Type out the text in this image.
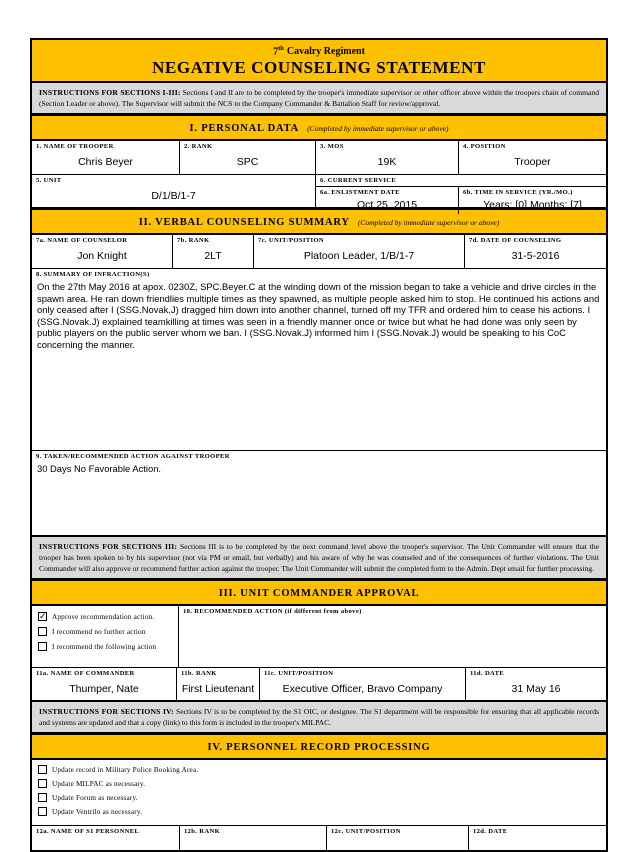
7th Cavalry Regiment
NEGATIVE COUNSELING STATEMENT
INSTRUCTIONS FOR SECTIONS I-III: Sections I and II are to be completed by the trooper's immediate supervisor or other officer above within the troopers chain of command (Section Leader or above). The Supervisor will submit the NCS to the Company Commander & Battalion Staff for review/approval.
I. PERSONAL DATA (Completed by immediate supervisor or above)
1. NAME OF TROOPER
Chris Beyer
2. RANK
SPC
3. MOS
19K
4. POSITION
Trooper
5. UNIT
D/1/B/1-7
6. CURRENT SERVICE
6a. ENLISTMENT DATE
Oct 25, 2015
6b. TIME IN SERVICE (YR./MO.)
Years: [0] Months: [7]
II. VERBAL COUNSELING SUMMARY (Completed by immediate supervisor or above)
7a. NAME OF COUNSELOR
Jon Knight
7b. RANK
2LT
7c. UNIT/POSITION
Platoon Leader, 1/B/1-7
7d. DATE OF COUNSELING
31-5-2016
8. SUMMARY OF INFRACTION(S)
On the 27th May 2016 at apox. 0230Z, SPC.Beyer.C at the winding down of the mission began to take a vehicle and drive circles in the spawn area. He ran down friendlies multiple times as they spawned, as multiple people asked him to stop. He continued his actions and only ceased after I (SSG.Novak.J) dragged him down into another channel, turned off my TFR and ordered him to cease his actions. I (SSG.Novak.J) explained teamkilling at times was seen in a friendly manner once or twice but what he had done was only seen by public players on the public server whom we ban. I (SSG.Novak.J) informed him I (SSG.Novak.J) would be speaking to his CoC concerning the manner.
9. TAKEN/RECOMMENDED ACTION AGAINST TROOPER
30 Days No Favorable Action.
INSTRUCTIONS FOR SECTIONS III: Sections III is to be completed by the next command level above the trooper's supervisor. The Unit Commander will ensure that the trooper has been spoken to by his supervisor (not via PM or email, but verbally) and his aware of why he was counseled and of the consequences of further violations. The Unit Commander will also approve or recommend further action against the trooper. The Unit Commander will submit the completed form to the Admin. Dept email for further processing.
III. UNIT COMMANDER APPROVAL
✓ Approve recommendation action.
I recommend no further action
I recommend the following action
10. RECOMMENDED ACTION (if different from above)
11a. NAME OF COMMANDER
Thumper, Nate
11b. RANK
First Lieutenant
11c. UNIT/POSITION
Executive Officer, Bravo Company
11d. DATE
31 May 16
INSTRUCTIONS FOR SECTIONS IV: Sections IV is to be completed by the S1 OIC, or designee. The S1 department will be responsible for ensuring that all applicable records and systems are updated and that a copy (link) to this form is included in the trooper's MILPAC.
IV. PERSONNEL RECORD PROCESSING
Update record in Military Police Booking Area.
Update MILPAC as necessary.
Update Forum as necessary.
Update Ventrilo as necessary.
12a. NAME OF S1 PERSONNEL	12b. RANK	12c. UNIT/POSITION	12d. DATE
